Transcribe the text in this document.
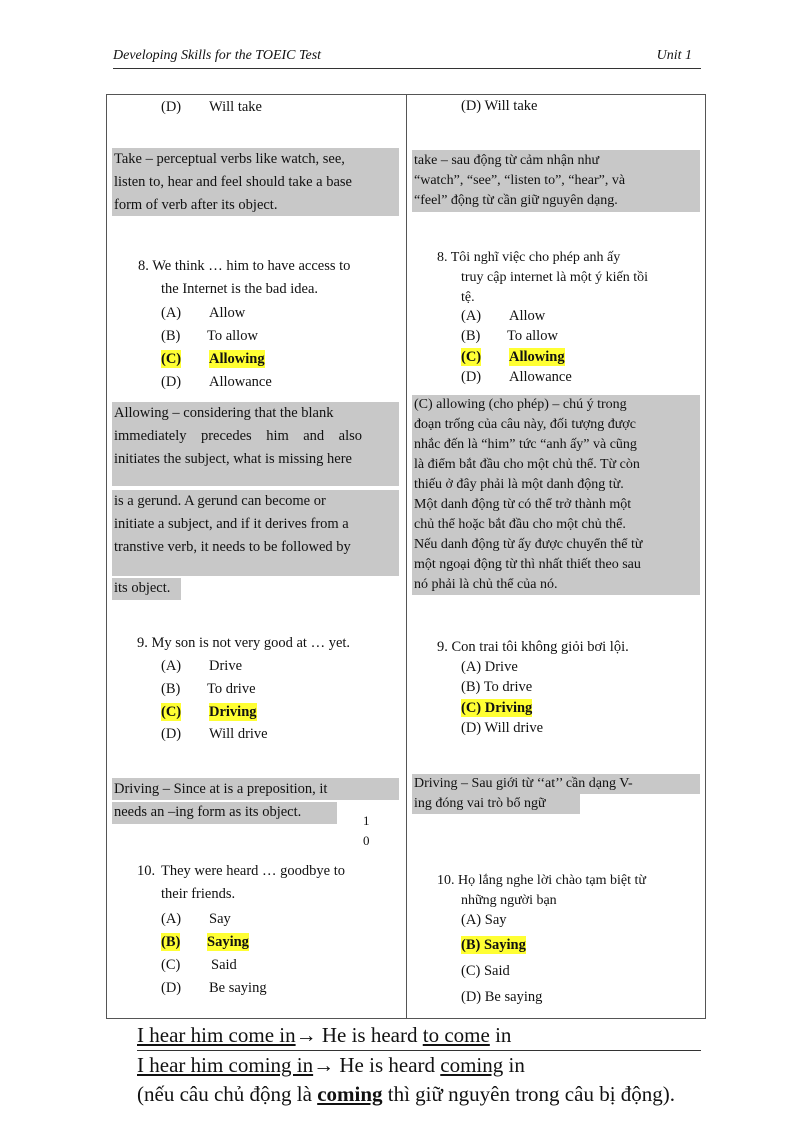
Developing Skills for the TOEIC Test	Unit 1
(D) Will take
Take – perceptual verbs like watch, see,
listen to, hear and feel should take a base
form of verb after its object.
8. We think … him to have access to
the Internet is the bad idea.
(A) Allow
(B) To allow
(C) Allowing
(D) Allowance
Allowing – considering that the blank
immediately    precedes    him    and    also
initiates the subject, what is missing here
is a gerund. A gerund can become or
initiate a subject, and if it derives from a
transtive verb, it needs to be followed by
its object.
9. My son is not very good at … yet.
(A) Drive
(B) To drive
(C) Driving
(D) Will drive
Driving – Since at is a preposition, it
needs an –ing form as its object.
1
0
10. They were heard … goodbye to
their friends.
(A) Say
(B) Saying
(C) Said
(D) Be saying
(D) Will take
take – sau động từ cảm nhận như
“watch”, “see”, “listen to”, “hear”, và
“feel” động từ cần giữ nguyên dạng.
8. Tôi nghĩ việc cho phép anh ấy
truy cập internet là một ý kiến tồi
tệ.
(A) Allow
(B) To allow
(C) Allowing
(D) Allowance
(C) allowing (cho phép) – chú ý trong
đoạn trống của câu này, đối tượng được
nhắc đến là “him” tức “anh ấy” và cũng
là điểm bắt đầu cho một chủ thể. Từ còn
thiếu ở đây phải là một danh động từ.
Một danh động từ có thể trở thành một
chủ thể hoặc bắt đầu cho một chủ thể.
Nếu danh động từ ấy được chuyển thể từ
một ngoại động từ thì nhất thiết theo sau
nó phải là chủ thể của nó.
9. Con trai tôi không giỏi bơi lội.
(A) Drive
(B) To drive
(C) Driving
(D) Will drive
Driving – Sau giới từ ‘‘at’’ cần dạng V-
ing đóng vai trò bổ ngữ
10. Họ lắng nghe lời chào tạm biệt từ
những người bạn
(A) Say
(B) Saying
(C) Said
(D) Be saying
I hear him come in→ He is heard to come in
I hear him coming in→ He is heard coming in
(nếu câu chủ động là coming thì giữ nguyên trong câu bị động).
